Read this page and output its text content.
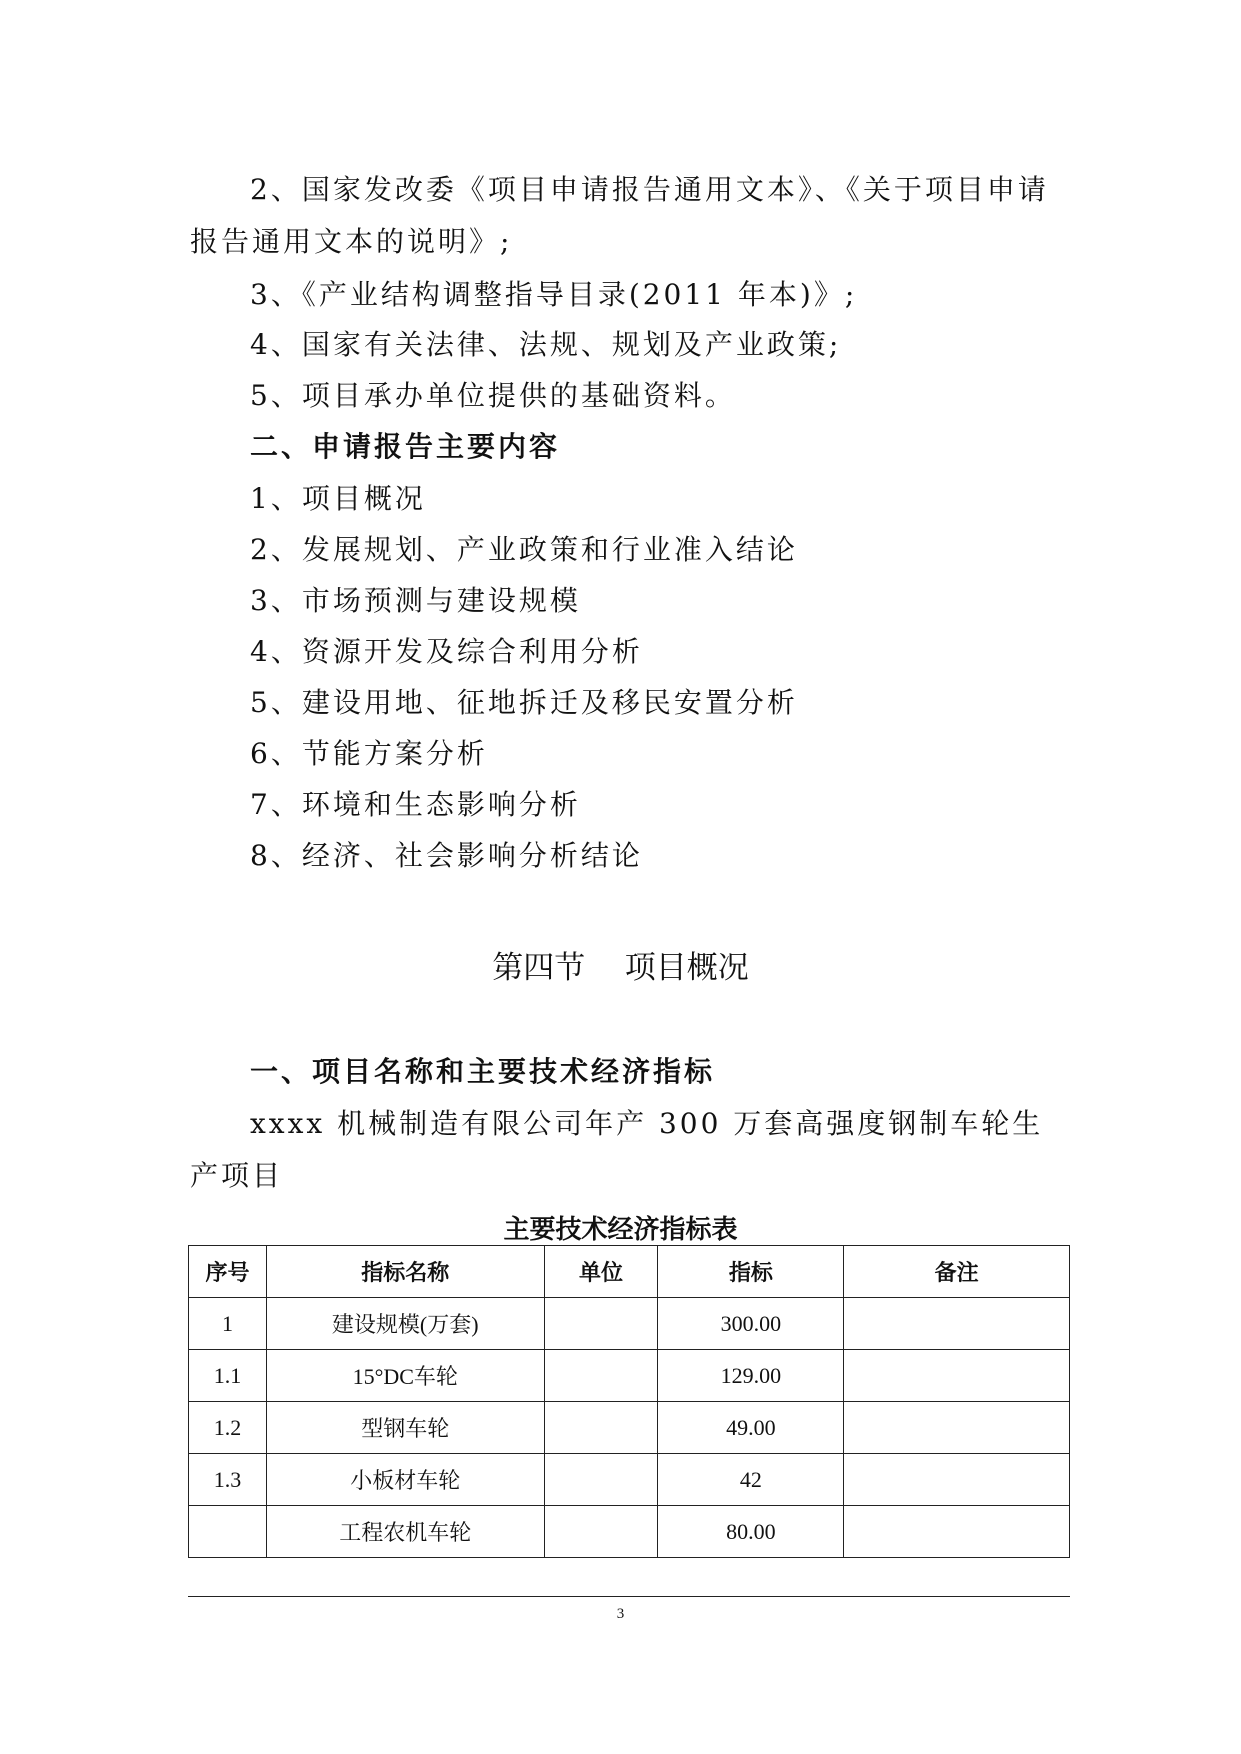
2、国家发改委《项目申请报告通用文本》、《关于项目申请
报告通用文本的说明》;

3、《产业结构调整指导目录(2011 年本)》;

4、国家有关法律、法规、规划及产业政策;

5、项目承办单位提供的基础资料。

二、申请报告主要内容

1、项目概况

2、发展规划、产业政策和行业准入结论

3、市场预测与建设规模

4、资源开发及综合利用分析

5、建设用地、征地拆迁及移民安置分析

6、节能方案分析

7、环境和生态影响分析

8、经济、社会影响分析结论

第四节    项目概况

一、项目名称和主要技术经济指标

xxxx 机械制造有限公司年产 300 万套高强度钢制车轮生产项目

主要技术经济指标表

序号	指标名称	单位	指标	备注
1	建设规模(万套)		300.00	
1.1	15°DC车轮		129.00	
1.2	型钢车轮		49.00	
1.3	小板材车轮		42	
	工程农机车轮		80.00	
3
